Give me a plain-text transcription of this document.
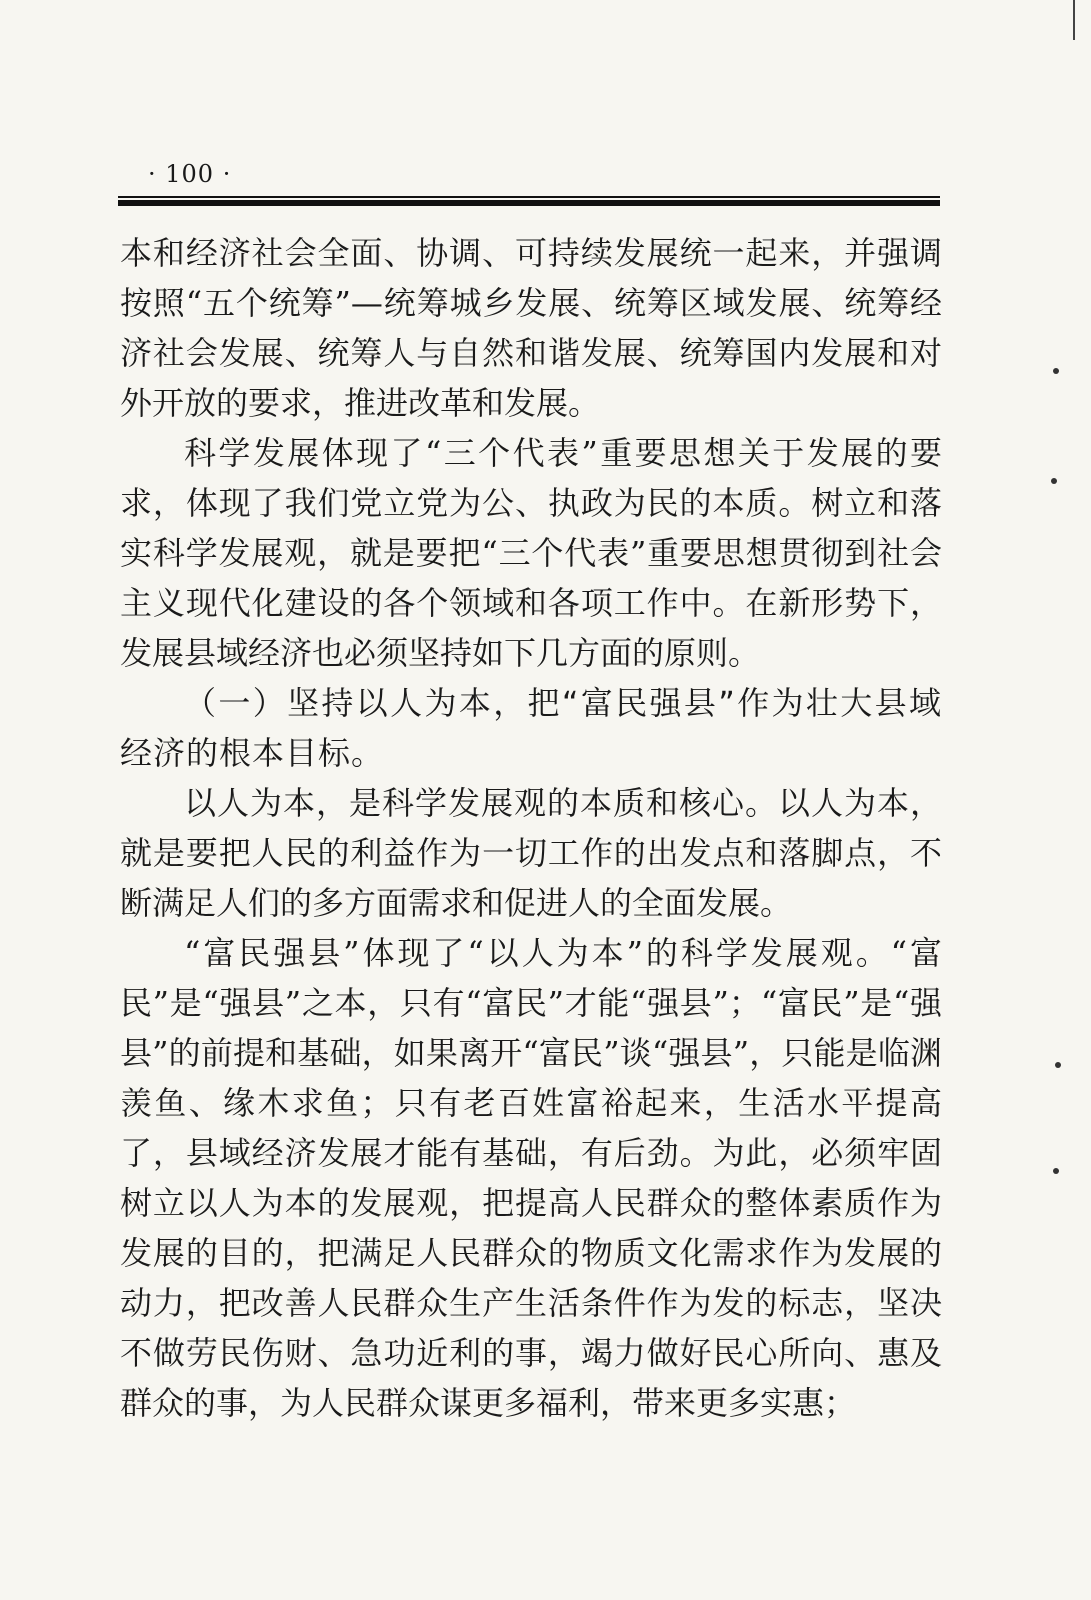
· 100 ·

本和经济社会全面、协调、可持续发展统一起来，并强调按照“五个统筹”—统筹城乡发展、统筹区域发展、统筹经济社会发展、统筹人与自然和谐发展、统筹国内发展和对外开放的要求，推进改革和发展。

科学发展体现了“三个代表”重要思想关于发展的要求，体现了我们党立党为公、执政为民的本质。树立和落实科学发展观，就是要把“三个代表”重要思想贯彻到社会主义现代化建设的各个领域和各项工作中。在新形势下，发展县域经济也必须坚持如下几方面的原则。

（一）坚持以人为本，把“富民强县”作为壮大县域经济的根本目标。

以人为本，是科学发展观的本质和核心。以人为本，就是要把人民的利益作为一切工作的出发点和落脚点，不断满足人们的多方面需求和促进人的全面发展。

“富民强县”体现了“以人为本”的科学发展观。“富民”是“强县”之本，只有“富民”才能“强县”；“富民”是“强县”的前提和基础，如果离开“富民”谈“强县”，只能是临渊羡鱼、缘木求鱼；只有老百姓富裕起来，生活水平提高了，县域经济发展才能有基础，有后劲。为此，必须牢固树立以人为本的发展观，把提高人民群众的整体素质作为发展的目的，把满足人民群众的物质文化需求作为发展的动力，把改善人民群众生产生活条件作为发的标志，坚决不做劳民伤财、急功近利的事，竭力做好民心所向、惠及群众的事，为人民群众谋更多福利，带来更多实惠；
